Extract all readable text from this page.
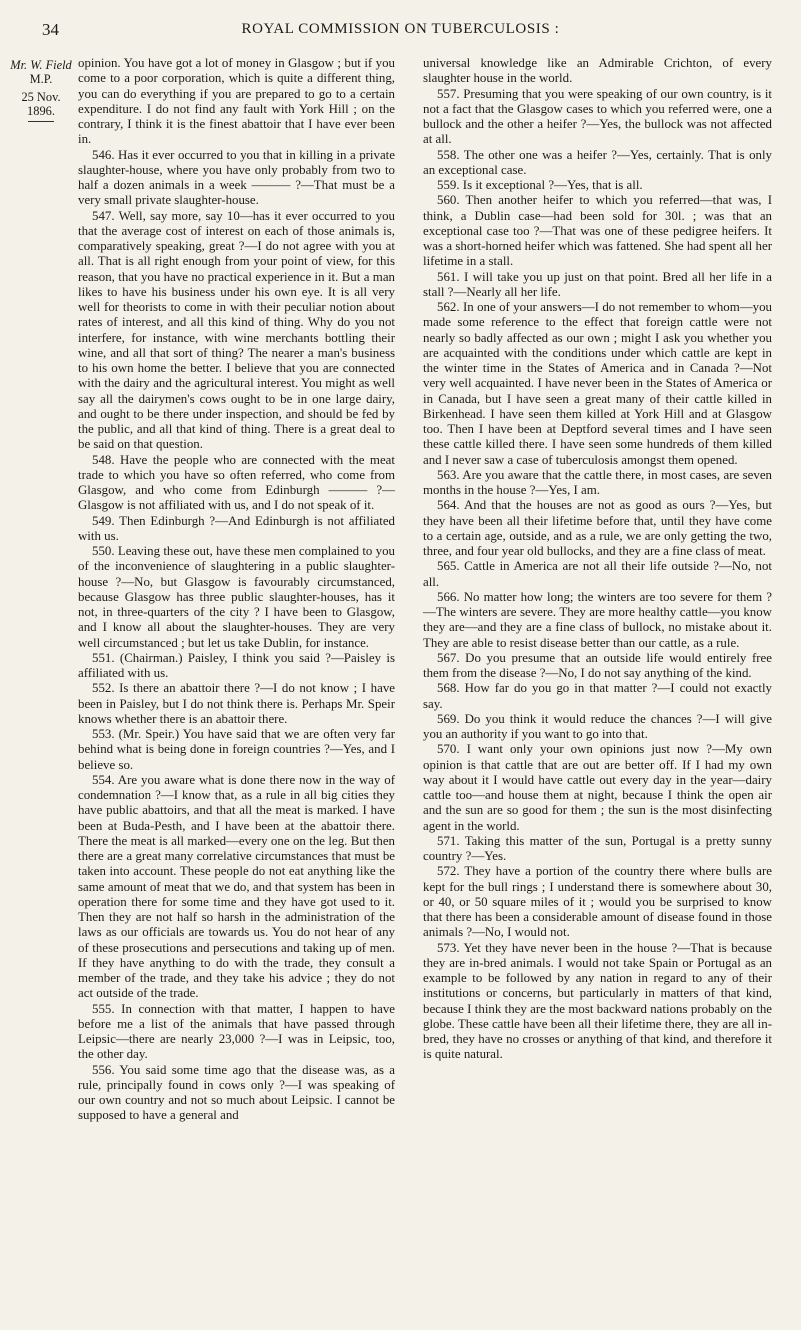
34	ROYAL COMMISSION ON TUBERCULOSIS :
Mr. W. Field
M.P.
25 Nov. 1896.

opinion. You have got a lot of money in Glasgow ; but if you come to a poor corporation, which is quite a different thing, you can do everything if you are prepared to go to a certain expenditure. I do not find any fault with York Hill ; on the contrary, I think it is the finest abattoir that I have ever been in.

546. Has it ever occurred to you that in killing in a private slaughter-house, where you have only probably from two to half a dozen animals in a week ——— ?—That must be a very small private slaughter-house.

547. Well, say more, say 10—has it ever occurred to you that the average cost of interest on each of those animals is, comparatively speaking, great ?—I do not agree with you at all. That is all right enough from your point of view, for this reason, that you have no practical experience in it. But a man likes to have his business under his own eye. It is all very well for theorists to come in with their peculiar notion about rates of interest, and all this kind of thing. Why do you not interfere, for instance, with wine merchants bottling their wine, and all that sort of thing? The nearer a man's business to his own home the better. I believe that you are connected with the dairy and the agricultural interest. You might as well say all the dairymen's cows ought to be in one large dairy, and ought to be there under inspection, and should be fed by the public, and all that kind of thing. There is a great deal to be said on that question.

548. Have the people who are connected with the meat trade to which you have so often referred, who come from Glasgow, and who come from Edinburgh ——— ?—Glasgow is not affiliated with us, and I do not speak of it.

549. Then Edinburgh ?—And Edinburgh is not affiliated with us.

550. Leaving these out, have these men complained to you of the inconvenience of slaughtering in a public slaughter-house ?—No, but Glasgow is favourably circumstanced, because Glasgow has three public slaughter-houses, has it not, in three-quarters of the city ? I have been to Glasgow, and I know all about the slaughter-houses. They are very well circumstanced ; but let us take Dublin, for instance.

551. (Chairman.) Paisley, I think you said ?—Paisley is affiliated with us.

552. Is there an abattoir there ?—I do not know ; I have been in Paisley, but I do not think there is. Perhaps Mr. Speir knows whether there is an abattoir there.

553. (Mr. Speir.) You have said that we are often very far behind what is being done in foreign countries ?—Yes, and I believe so.

554. Are you aware what is done there now in the way of condemnation ?—I know that, as a rule in all big cities they have public abattoirs, and that all the meat is marked. I have been at Buda-Pesth, and I have been at the abattoir there. There the meat is all marked—every one on the leg. But then there are a great many correlative circumstances that must be taken into account. These people do not eat anything like the same amount of meat that we do, and that system has been in operation there for some time and they have got used to it. Then they are not half so harsh in the administration of the laws as our officials are towards us. You do not hear of any of these prosecutions and persecutions and taking up of men. If they have anything to do with the trade, they consult a member of the trade, and they take his advice ; they do not act outside of the trade.

555. In connection with that matter, I happen to have before me a list of the animals that have passed through Leipsic—there are nearly 23,000 ?—I was in Leipsic, too, the other day.

556. You said some time ago that the disease was, as a rule, principally found in cows only ?—I was speaking of our own country and not so much about Leipsic. I cannot be supposed to have a general and

universal knowledge like an Admirable Crichton, of every slaughter house in the world.

557. Presuming that you were speaking of our own country, is it not a fact that the Glasgow cases to which you referred were, one a bullock and the other a heifer ?—Yes, the bullock was not affected at all.

558. The other one was a heifer ?—Yes, certainly. That is only an exceptional case.

559. Is it exceptional ?—Yes, that is all.

560. Then another heifer to which you referred—that was, I think, a Dublin case—had been sold for 30l. ; was that an exceptional case too ?—That was one of these pedigree heifers. It was a short-horned heifer which was fattened. She had spent all her lifetime in a stall.

561. I will take you up just on that point. Bred all her life in a stall ?—Nearly all her life.

562. In one of your answers—I do not remember to whom—you made some reference to the effect that foreign cattle were not nearly so badly affected as our own ; might I ask you whether you are acquainted with the conditions under which cattle are kept in the winter time in the States of America and in Canada ?—Not very well acquainted. I have never been in the States of America or in Canada, but I have seen a great many of their cattle killed in Birkenhead. I have seen them killed at York Hill and at Glasgow too. Then I have been at Deptford several times and I have seen these cattle killed there. I have seen some hundreds of them killed and I never saw a case of tuberculosis amongst them opened.

563. Are you aware that the cattle there, in most cases, are seven months in the house ?—Yes, I am.

564. And that the houses are not as good as ours ?—Yes, but they have been all their lifetime before that, until they have come to a certain age, outside, and as a rule, we are only getting the two, three, and four year old bullocks, and they are a fine class of meat.

565. Cattle in America are not all their life outside ?—No, not all.

566. No matter how long; the winters are too severe for them ?—The winters are severe. They are more healthy cattle—you know they are—and they are a fine class of bullock, no mistake about it. They are able to resist disease better than our cattle, as a rule.

567. Do you presume that an outside life would entirely free them from the disease ?—No, I do not say anything of the kind.

568. How far do you go in that matter ?—I could not exactly say.

569. Do you think it would reduce the chances ?—I will give you an authority if you want to go into that.

570. I want only your own opinions just now ?—My own opinion is that cattle that are out are better off. If I had my own way about it I would have cattle out every day in the year—dairy cattle too—and house them at night, because I think the open air and the sun are so good for them ; the sun is the most disinfecting agent in the world.

571. Taking this matter of the sun, Portugal is a pretty sunny country ?—Yes.

572. They have a portion of the country there where bulls are kept for the bull rings ; I understand there is somewhere about 30, or 40, or 50 square miles of it ; would you be surprised to know that there has been a considerable amount of disease found in those animals ?—No, I would not.

573. Yet they have never been in the house ?—That is because they are in-bred animals. I would not take Spain or Portugal as an example to be followed by any nation in regard to any of their institutions or concerns, but particularly in matters of that kind, because I think they are the most backward nations probably on the globe. These cattle have been all their lifetime there, they are all in-bred, they have no crosses or anything of that kind, and therefore it is quite natural.
